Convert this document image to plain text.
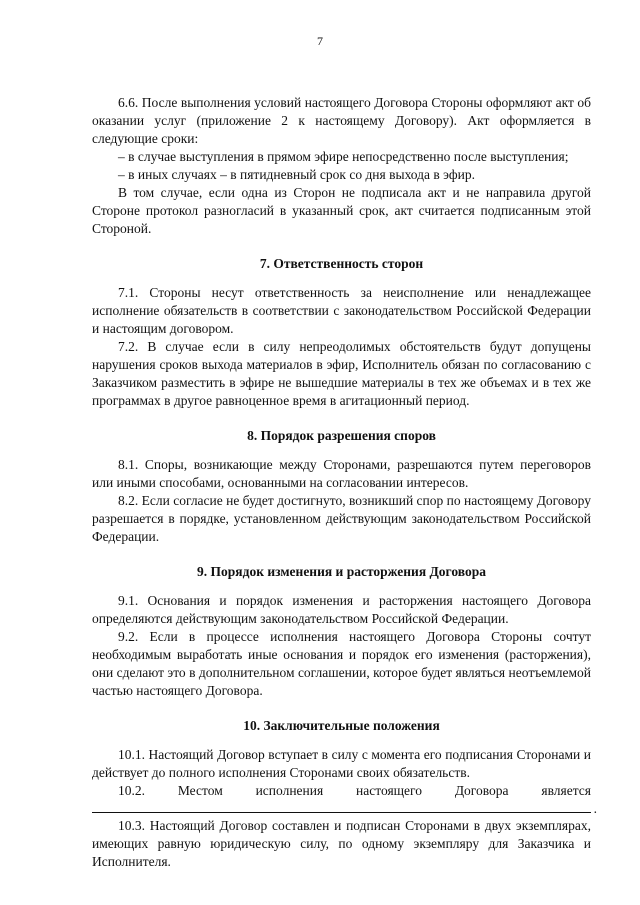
7

6.6. После выполнения условий настоящего Договора Стороны оформляют акт об оказании услуг (приложение 2 к настоящему Договору). Акт оформляется в следующие сроки:

– в случае выступления в прямом эфире непосредственно после выступления;

– в иных случаях – в пятидневный срок со дня выхода в эфир.

В том случае, если одна из Сторон не подписала акт и не направила другой Стороне протокол разногласий в указанный срок, акт считается подписанным этой Стороной.

7. Ответственность сторон

7.1. Стороны несут ответственность за неисполнение или ненадлежащее исполнение обязательств в соответствии с законодательством Российской Федерации и настоящим договором.

7.2. В случае если в силу непреодолимых обстоятельств будут допущены нарушения сроков выхода материалов в эфир, Исполнитель обязан по согласованию с Заказчиком разместить в эфире не вышедшие материалы в тех же объемах и в тех же программах в другое равноценное время в агитационный период.

8. Порядок разрешения споров

8.1. Споры, возникающие между Сторонами, разрешаются путем переговоров или иными способами, основанными на согласовании интересов.

8.2. Если согласие не будет достигнуто, возникший спор по настоящему Договору разрешается в порядке, установленном действующим законодательством Российской Федерации.

9. Порядок изменения и расторжения Договора

9.1. Основания и порядок изменения и расторжения настоящего Договора определяются действующим законодательством Российской Федерации.

9.2. Если в процессе исполнения настоящего Договора Стороны сочтут необходимым выработать иные основания и порядок его изменения (расторжения), они сделают это в дополнительном соглашении, которое будет являться неотъемлемой частью настоящего Договора.

10. Заключительные положения

10.1. Настоящий Договор вступает в силу с момента его подписания Сторонами и действует до полного исполнения Сторонами своих обязательств.

10.2. Местом исполнения настоящего Договора является
.

10.3. Настоящий Договор составлен и подписан Сторонами в двух экземплярах, имеющих равную юридическую силу, по одному экземпляру для Заказчика и Исполнителя.
